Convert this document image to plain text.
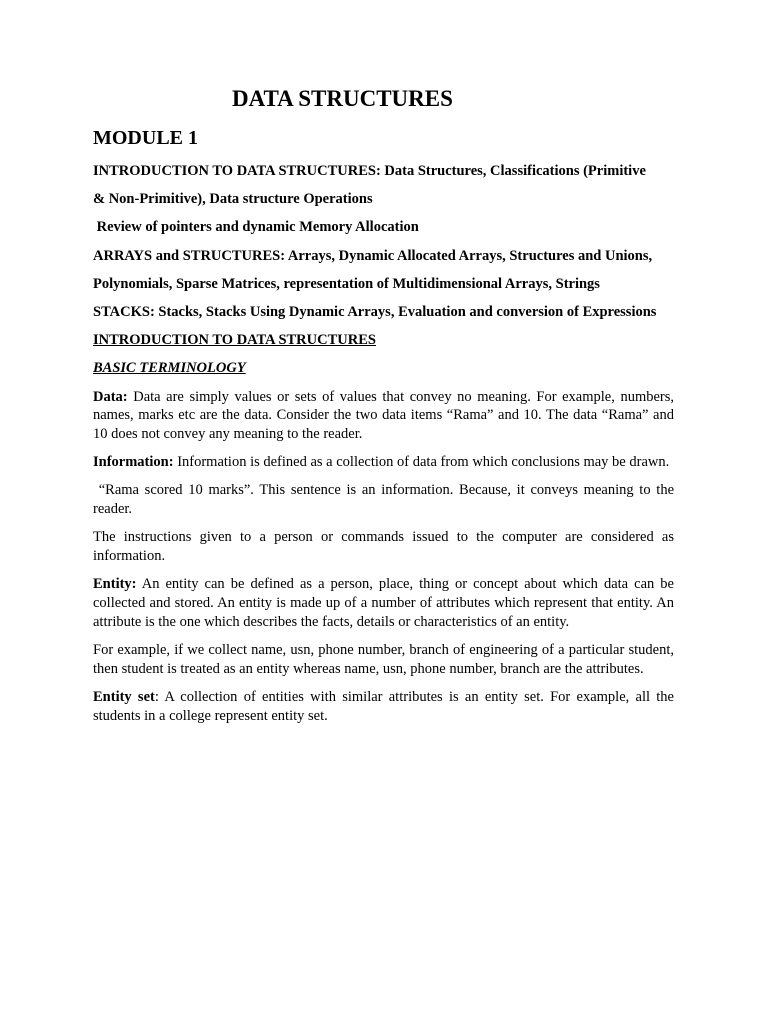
DATA STRUCTURES
MODULE 1

INTRODUCTION TO DATA STRUCTURES: Data Structures, Classifications (Primitive

& Non-Primitive), Data structure Operations

Review of pointers and dynamic Memory Allocation

ARRAYS and STRUCTURES: Arrays, Dynamic Allocated Arrays, Structures and Unions,

Polynomials, Sparse Matrices, representation of Multidimensional Arrays, Strings

STACKS: Stacks, Stacks Using Dynamic Arrays, Evaluation and conversion of Expressions

INTRODUCTION TO DATA STRUCTURES

BASIC TERMINOLOGY

Data: Data are simply values or sets of values that convey no meaning. For example, numbers, names, marks etc are the data. Consider the two data items “Rama” and 10. The data “Rama” and 10 does not convey any meaning to the reader.

Information: Information is defined as a collection of data from which conclusions may be drawn.

“Rama scored 10 marks”. This sentence is an information. Because, it conveys meaning to the reader.

The instructions given to a person or commands issued to the computer are considered as information.

Entity: An entity can be defined as a person, place, thing or concept about which data can be collected and stored. An entity is made up of a number of attributes which represent that entity. An attribute is the one which describes the facts, details or characteristics of an entity.

For example, if we collect name, usn, phone number, branch of engineering of a particular student, then student is treated as an entity whereas name, usn, phone number, branch are the attributes.

Entity set: A collection of entities with similar attributes is an entity set. For example, all the students in a college represent entity set.
